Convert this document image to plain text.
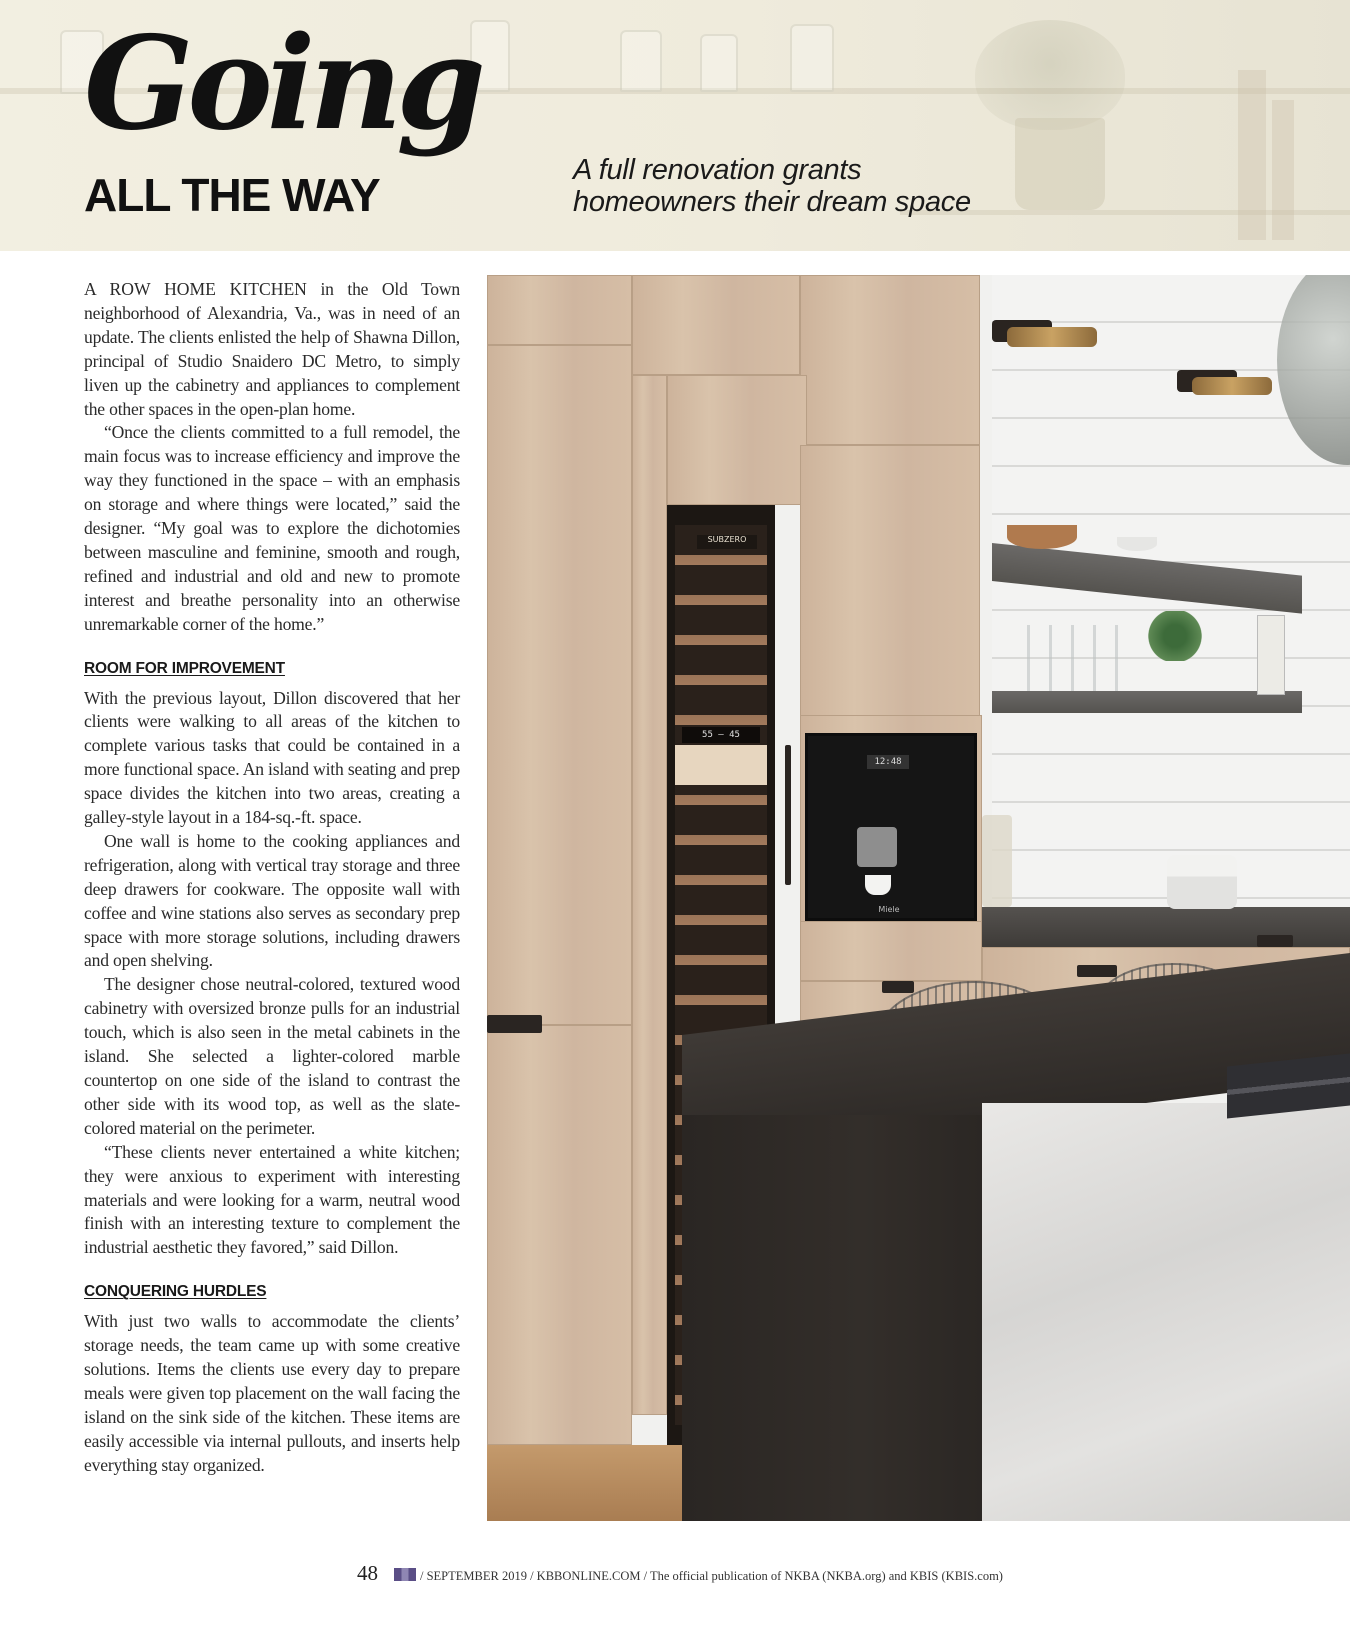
Going
ALL THE WAY	A full renovation grants
homeowners their dream space

A ROW HOME KITCHEN in the Old Town neighborhood of Alexandria, Va., was in need of an update. The clients enlisted the help of Shawna Dillon, principal of Studio Snaidero DC Metro, to simply liven up the cabinetry and appliances to complement the other spaces in the open-plan home.

“Once the clients committed to a full remodel, the main focus was to increase efficiency and improve the way they functioned in the space – with an emphasis on storage and where things were located,” said the designer. “My goal was to explore the dichotomies between masculine and feminine, smooth and rough, refined and industrial and old and new to promote interest and breathe personality into an otherwise unremarkable corner of the home.”

ROOM FOR IMPROVEMENT

With the previous layout, Dillon discovered that her clients were walking to all areas of the kitchen to complete various tasks that could be contained in a more functional space. An island with seating and prep space divides the kitchen into two areas, creating a galley-style layout in a 184-sq.-ft. space.

One wall is home to the cooking appliances and refrigeration, along with vertical tray storage and three deep drawers for cookware. The opposite wall with coffee and wine stations also serves as secondary prep space with more storage solutions, including drawers and open shelving.

The designer chose neutral-colored, textured wood cabinetry with oversized bronze pulls for an industrial touch, which is also seen in the metal cabinets in the island. She selected a lighter-colored marble countertop on one side of the island to contrast the other side with its wood top, as well as the slate-colored material on the perimeter.

“These clients never entertained a white kitchen; they were anxious to experiment with interesting materials and were looking for a warm, neutral wood finish with an interesting texture to complement the industrial aesthetic they favored,” said Dillon.

CONQUERING HURDLES

With just two walls to accommodate the clients’ storage needs, the team came up with some creative solutions. Items the clients use every day to prepare meals were given top placement on the wall facing the island on the sink side of the kitchen. These items are easily accessible via internal pullouts, and inserts help everything stay organized.

SUBZERO
55 — 45
12:48
Miele
48	/ SEPTEMBER 2019 / KBBONLINE.COM / The official publication of NKBA (NKBA.org) and KBIS (KBIS.com)
